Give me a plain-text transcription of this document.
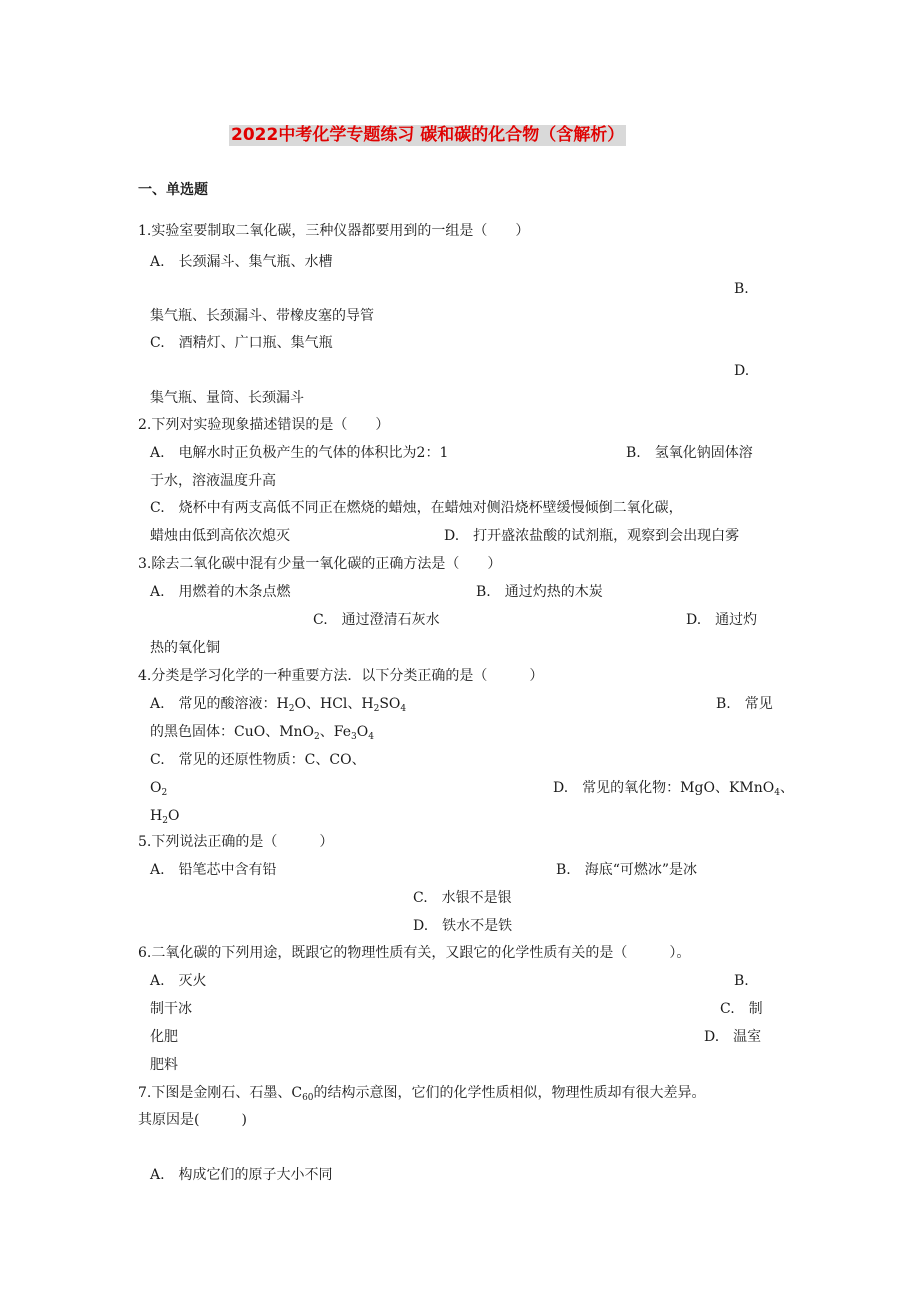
2022中考化学专题练习 碳和碳的化合物（含解析）
一、单选题
1.实验室要制取二氧化碳，三种仪器都要用到的一组是（　　）
A.　长颈漏斗、集气瓶、水槽
B.
集气瓶、长颈漏斗、带橡皮塞的导管
C.　酒精灯、广口瓶、集气瓶
D.
集气瓶、量筒、长颈漏斗
2.下列对实验现象描述错误的是（　　）
A.　电解水时正负极产生的气体的体积比为2：1	B.　氢氧化钠固体溶
于水，溶液温度升高
C.　烧杯中有两支高低不同正在燃烧的蜡烛，在蜡烛对侧沿烧杯壁缓慢倾倒二氧化碳，
蜡烛由低到高依次熄灭	D.　打开盛浓盐酸的试剂瓶，观察到会出现白雾
3.除去二氧化碳中混有少量一氧化碳的正确方法是（　　）
A.　用燃着的木条点燃	B.　通过灼热的木炭
C.　通过澄清石灰水	D.　通过灼
热的氧化铜
4.分类是学习化学的一种重要方法．以下分类正确的是（　　　）
A.　常见的酸溶液：$H_2O$、HCl、$H_2SO_4$	B.　常见
的黑色固体：CuO、MnO$_2$、$Fe_3O_4$
C.　常见的还原性物质：C、CO、
$O_2$	D.　常见的氧化物：MgO、KMnO$_4$、
$H_2O$
5.下列说法正确的是（　　　）
A.　铅笔芯中含有铅	B.　海底“可燃冰”是冰
C.　水银不是银
D.　铁水不是铁
6.二氧化碳的下列用途，既跟它的物理性质有关，又跟它的化学性质有关的是（　　　）。
A.　灭火	B.
制干冰	C.　制
化肥	D.　温室
肥料
7.下图是金刚石、石墨、$C_{60}$的结构示意图，它们的化学性质相似，物理性质却有很大差异。
其原因是(　　　)
A.　构成它们的原子大小不同
